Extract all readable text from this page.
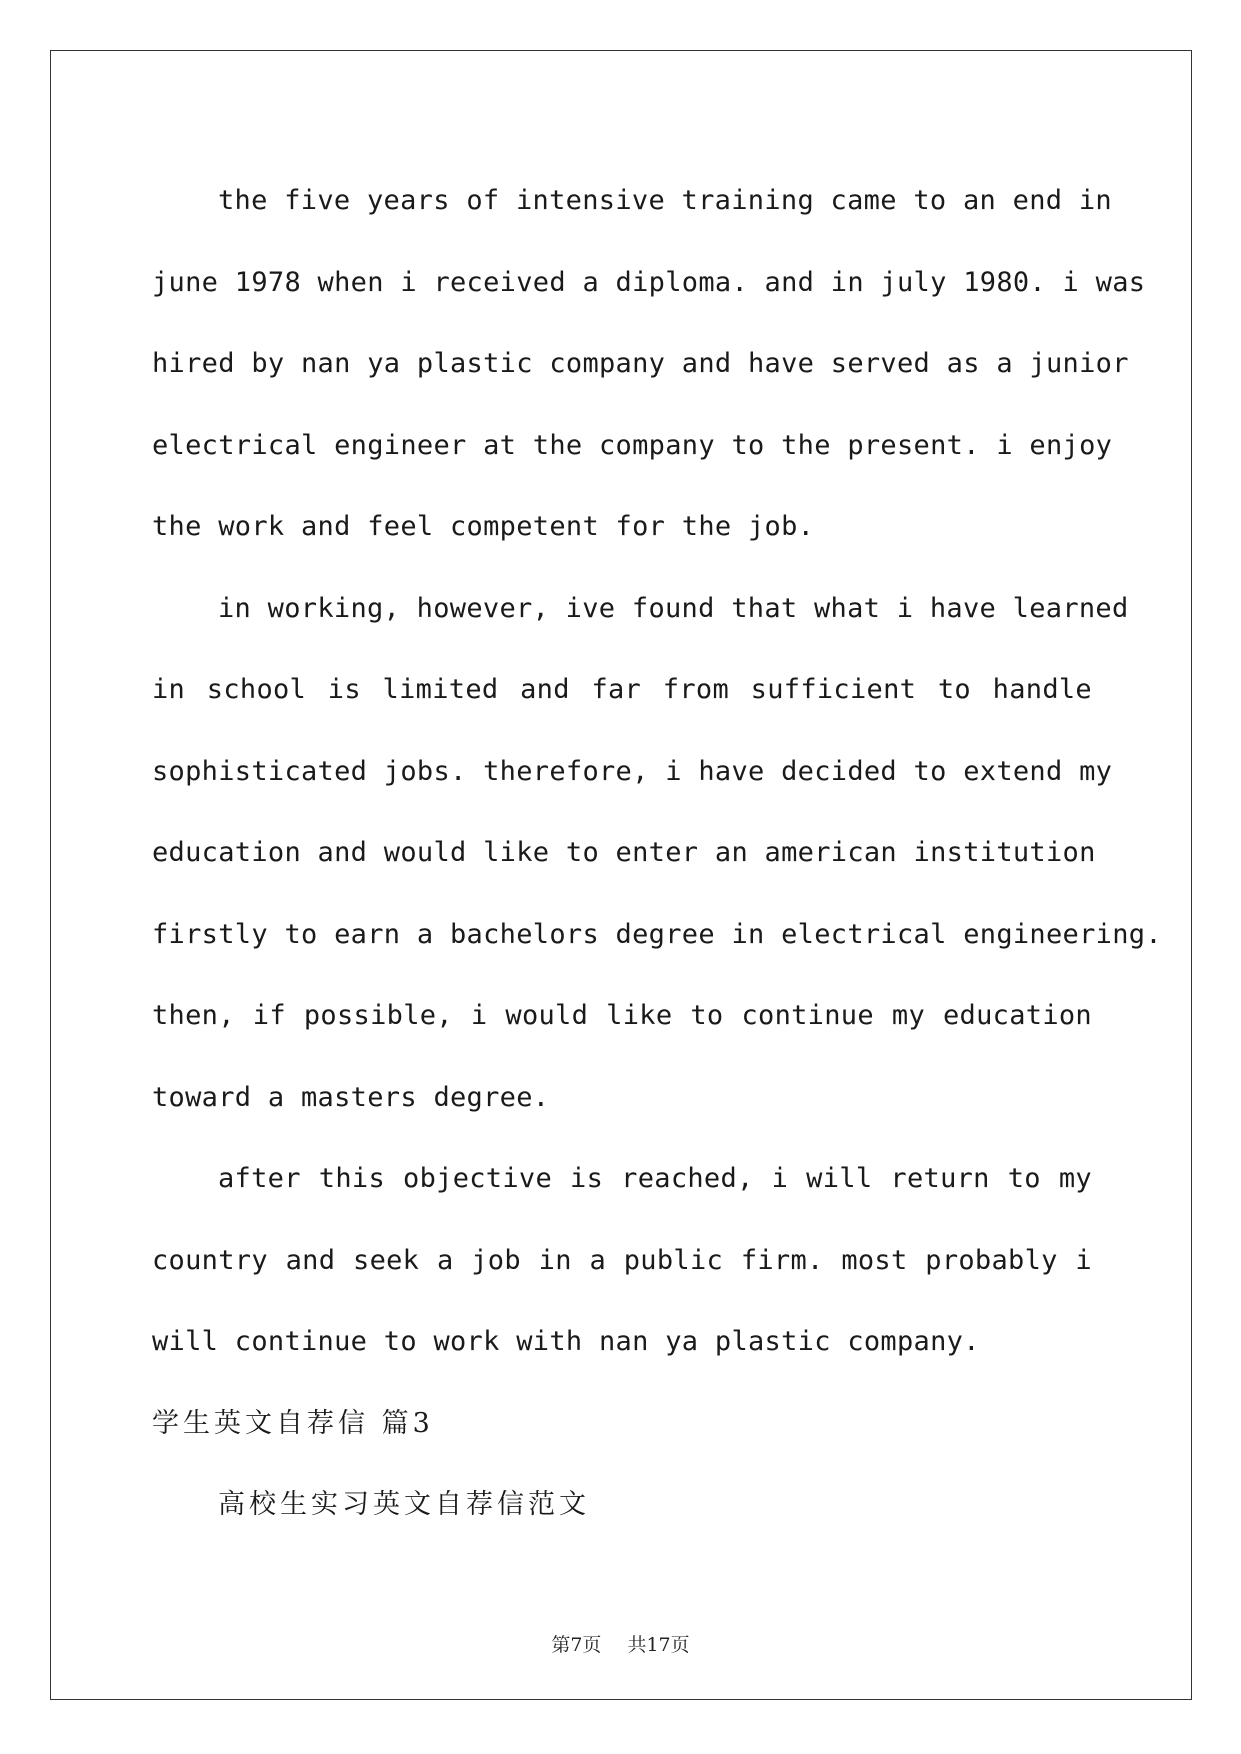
the five years of intensive training came to an end in
june 1978 when i received a diploma. and in july 1980. i was
hired by nan ya plastic company and have served as a junior
electrical engineer at the company to the present. i enjoy
the work and feel competent for the job.
in working, however, ive found that what i have learned
in school is limited and far from sufficient to handle
sophisticated jobs. therefore, i have decided to extend my
education and would like to enter an american institution
firstly to earn a bachelors degree in electrical engineering.
then, if possible, i would like to continue my education
toward a masters degree.
after this objective is reached, i will return to my
country and seek a job in a public firm. most probably i
will continue to work with nan ya plastic company.
学生英文自荐信 篇3
高校生实习英文自荐信范文
第7页 共17页
